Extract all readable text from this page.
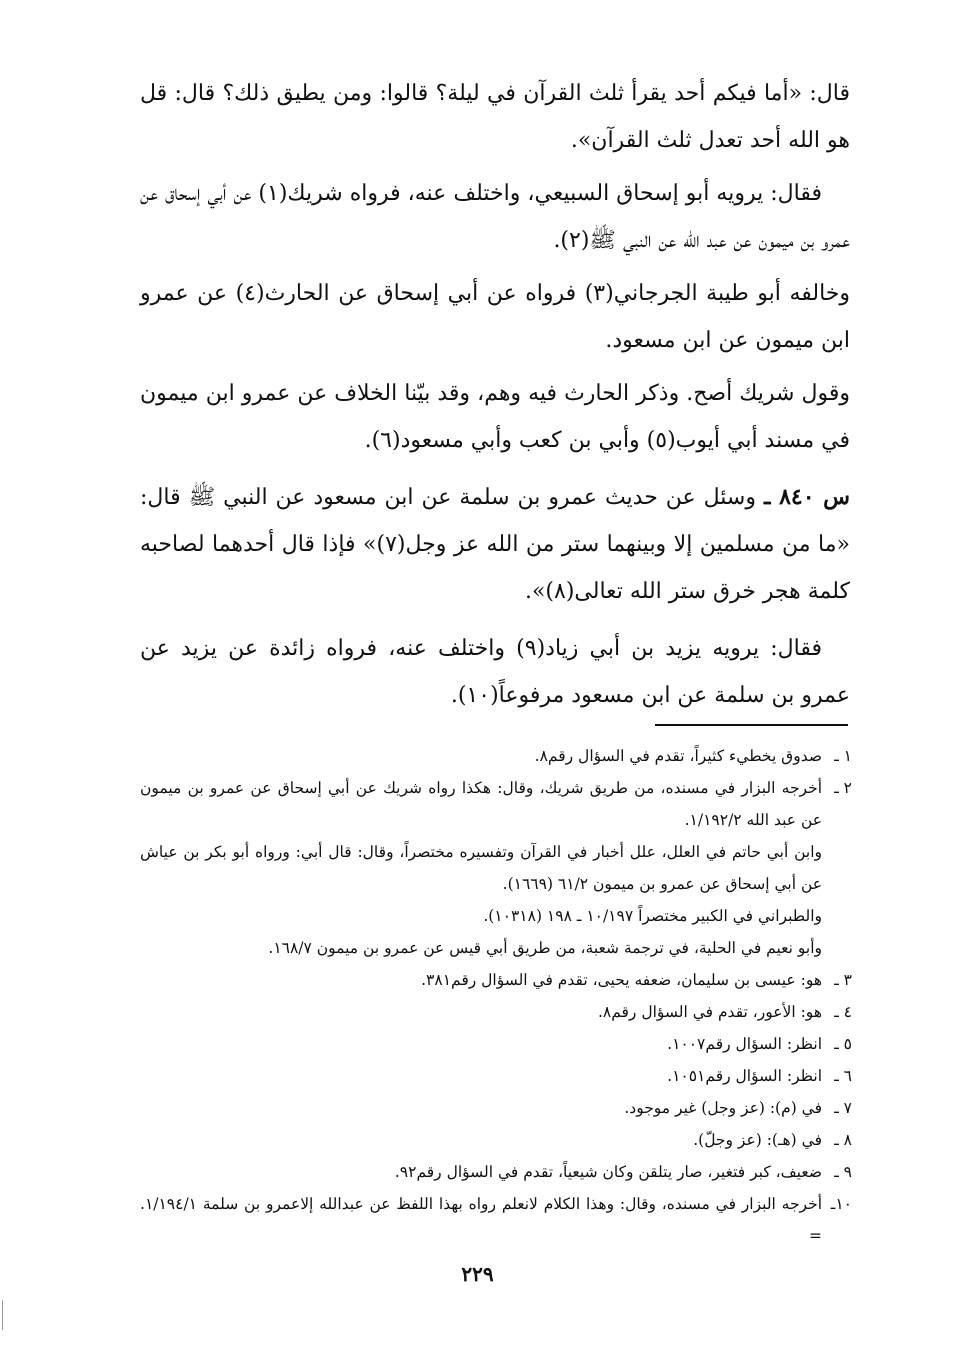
قال: «أما فيكم أحد يقرأ ثلث القرآن في ليلة؟ قالوا: ومن يطيق ذلك؟ قال: قل هو الله أحد تعدل ثلث القرآن».

فقال: يرويه أبو إسحاق السبيعي، واختلف عنه، فرواه شريك(١) عن أبي إسحاق عن عمرو بن ميمون عن عبد الله عن النبي ﷺ(٢).

وخالفه أبو طيبة الجرجاني(٣) فرواه عن أبي إسحاق عن الحارث(٤) عن عمرو ابن ميمون عن ابن مسعود.

وقول شريك أصح. وذكر الحارث فيه وهم، وقد بيّنا الخلاف عن عمرو ابن ميمون في مسند أبي أيوب(٥) وأبي بن كعب وأبي مسعود(٦).

س ٨٤٠ ـ وسئل عن حديث عمرو بن سلمة عن ابن مسعود عن النبي ﷺ قال: «ما من مسلمين إلا وبينهما ستر من الله عز وجل(٧)» فإذا قال أحدهما لصاحبه كلمة هجر خرق ستر الله تعالى(٨)».

فقال: يرويه يزيد بن أبي زياد(٩) واختلف عنه، فرواه زائدة عن يزيد عن عمرو بن سلمة عن ابن مسعود مرفوعاً(١٠).

١ ـ
صدوق يخطيء كثيراً، تقدم في السؤال رقم٨.
٢ ـ
أخرجه البزار في مسنده، من طريق شريك، وقال: هكذا رواه شريك عن أبي إسحاق عن عمرو بن ميمون عن عبد الله ١/١٩٢/٢.
وابن أبي حاتم في العلل، علل أخبار في القرآن وتفسيره مختصراً، وقال: قال أبي: ورواه أبو بكر بن عياش عن أبي إسحاق عن عمرو بن ميمون ٦١/٢ (١٦٦٩).
والطبراني في الكبير مختصراً ١٠/١٩٧ ـ ١٩٨ (١٠٣١٨).
وأبو نعيم في الحلية، في ترجمة شعبة، من طريق أبي قيس عن عمرو بن ميمون ١٦٨/٧.
٣ ـ
هو: عيسى بن سليمان، ضعفه يحيى، تقدم في السؤال رقم٣٨١.
٤ ـ
هو: الأعور، تقدم في السؤال رقم٨.
٥ ـ
انظر: السؤال رقم١٠٠٧.
٦ ـ
انظر: السؤال رقم١٠٥١.
٧ ـ
في (م): (عز وجل) غير موجود.
٨ ـ
في (هـ): (عز وجلّ).
٩ ـ
ضعيف، كبر فتغير، صار يتلقن وكان شيعياً، تقدم في السؤال رقم٩٢.
١٠ـ
أخرجه البزار في مسنده، وقال: وهذا الكلام لانعلم رواه بهذا اللفظ عن عبدالله إلاعمرو بن سلمة ١/١٩٤/١. =
٢٢٩
